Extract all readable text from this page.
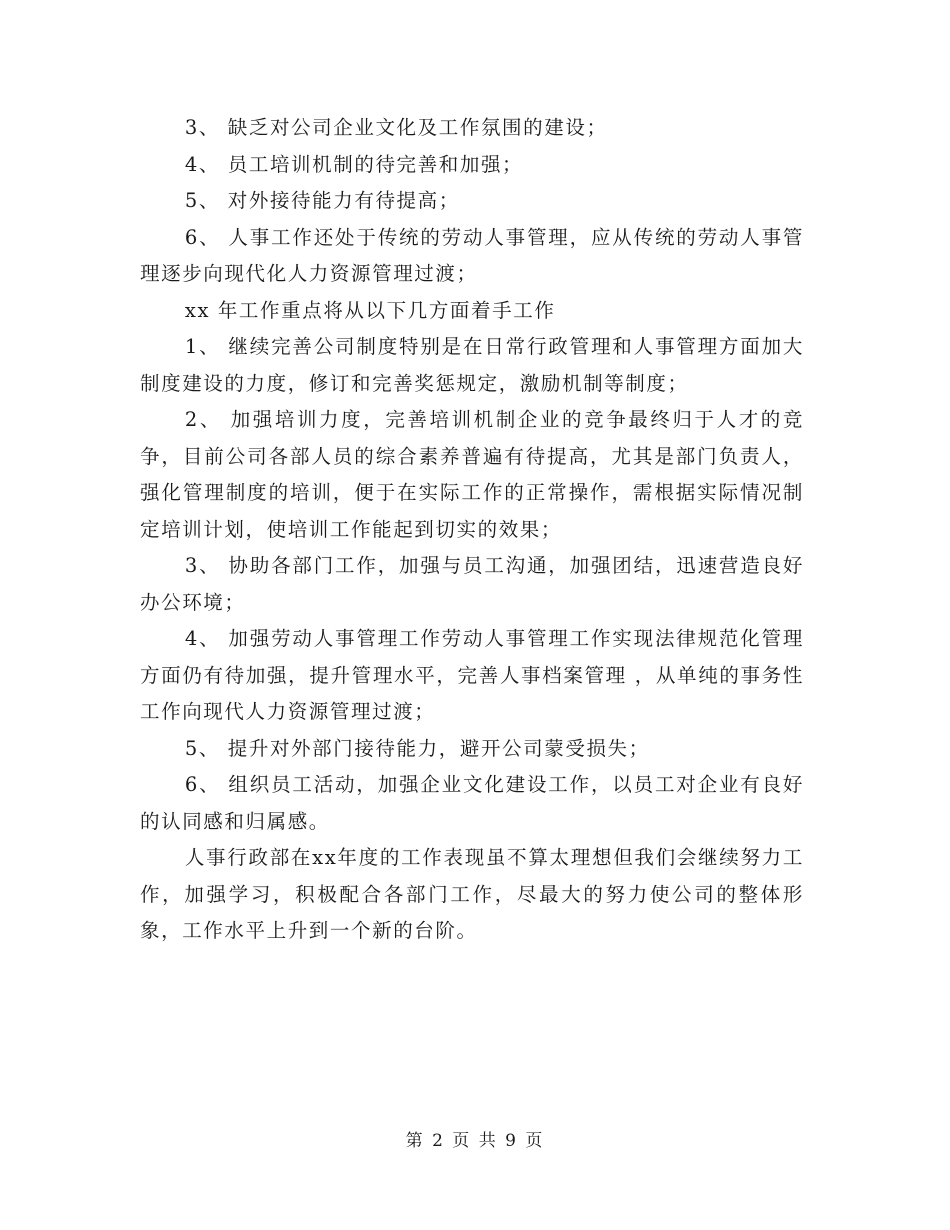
3、 缺乏对公司企业文化及工作氛围的建设；

4、 员工培训机制的待完善和加强；

5、 对外接待能力有待提高；

6、 人事工作还处于传统的劳动人事管理，应从传统的劳动人事管理逐步向现代化人力资源管理过渡；

xx 年工作重点将从以下几方面着手工作

1、 继续完善公司制度特别是在日常行政管理和人事管理方面加大制度建设的力度，修订和完善奖惩规定，激励机制等制度；

2、 加强培训力度，完善培训机制企业的竞争最终归于人才的竞争，目前公司各部人员的综合素养普遍有待提高，尤其是部门负责人，强化管理制度的培训，便于在实际工作的正常操作，需根据实际情况制定培训计划，使培训工作能起到切实的效果；

3、 协助各部门工作，加强与员工沟通，加强团结，迅速营造良好办公环境；

4、 加强劳动人事管理工作劳动人事管理工作实现法律规范化管理方面仍有待加强，提升管理水平，完善人事档案管理 ，从单纯的事务性工作向现代人力资源管理过渡；

5、 提升对外部门接待能力，避开公司蒙受损失；

6、 组织员工活动，加强企业文化建设工作，以员工对企业有良好的认同感和归属感。

人事行政部在xx年度的工作表现虽不算太理想但我们会继续努力工作，加强学习，积极配合各部门工作，尽最大的努力使公司的整体形象，工作水平上升到一个新的台阶。

第 2 页 共 9 页
